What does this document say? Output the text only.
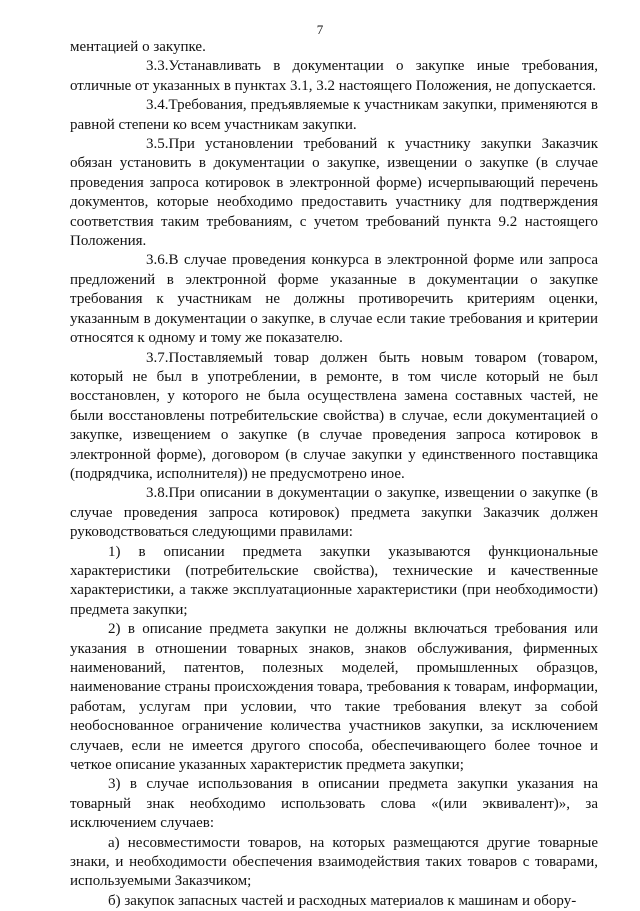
7

ментацией о закупке.

3.3.Устанавливать в документации о закупке иные требования, отличные от указанных в пунктах 3.1, 3.2 настоящего Положения, не допускается.

3.4.Требования, предъявляемые к участникам закупки, применяются в равной степени ко всем участникам закупки.

3.5.При установлении требований к участнику закупки Заказчик обязан установить в документации о закупке, извещении о закупке (в случае проведения запроса котировок в электронной форме) исчерпывающий перечень документов, которые необходимо предоставить участнику для подтверждения соответствия таким требованиям, с учетом требований пункта 9.2 настоящего Положения.

3.6.В случае проведения конкурса в электронной форме или запроса предложений в электронной форме указанные в документации о закупке требования к участникам не должны противоречить критериям оценки, указанным в документации о закупке, в случае если такие требования и критерии относятся к одному и тому же показателю.

3.7.Поставляемый товар должен быть новым товаром (товаром, который не был в употреблении, в ремонте, в том числе который не был восстановлен, у которого не была осуществлена замена составных частей, не были восстановлены потребительские свойства) в случае, если документацией о закупке, извещением о закупке (в случае проведения запроса котировок в электронной форме), договором (в случае закупки у единственного поставщика (подрядчика, исполнителя)) не предусмотрено иное.

3.8.При описании в документации о закупке, извещении о закупке (в случае проведения запроса котировок) предмета закупки Заказчик должен руководствоваться следующими правилами:

1) в описании предмета закупки указываются функциональные характеристики (потребительские свойства), технические и качественные характеристики, а также эксплуатационные характеристики (при необходимости) предмета закупки;

2) в описание предмета закупки не должны включаться требования или указания в отношении товарных знаков, знаков обслуживания, фирменных наименований, патентов, полезных моделей, промышленных образцов, наименование страны происхождения товара, требования к товарам, информации, работам, услугам при условии, что такие требования влекут за собой необоснованное ограничение количества участников закупки, за исключением случаев, если не имеется другого способа, обеспечивающего более точное и четкое описание указанных характеристик предмета закупки;

3) в случае использования в описании предмета закупки указания на товарный знак необходимо использовать слова «(или эквивалент)», за исключением случаев:

а) несовместимости товаров, на которых размещаются другие товарные знаки, и необходимости обеспечения взаимодействия таких товаров с товарами, используемыми Заказчиком;

б) закупок запасных частей и расходных материалов к машинам и обору-
